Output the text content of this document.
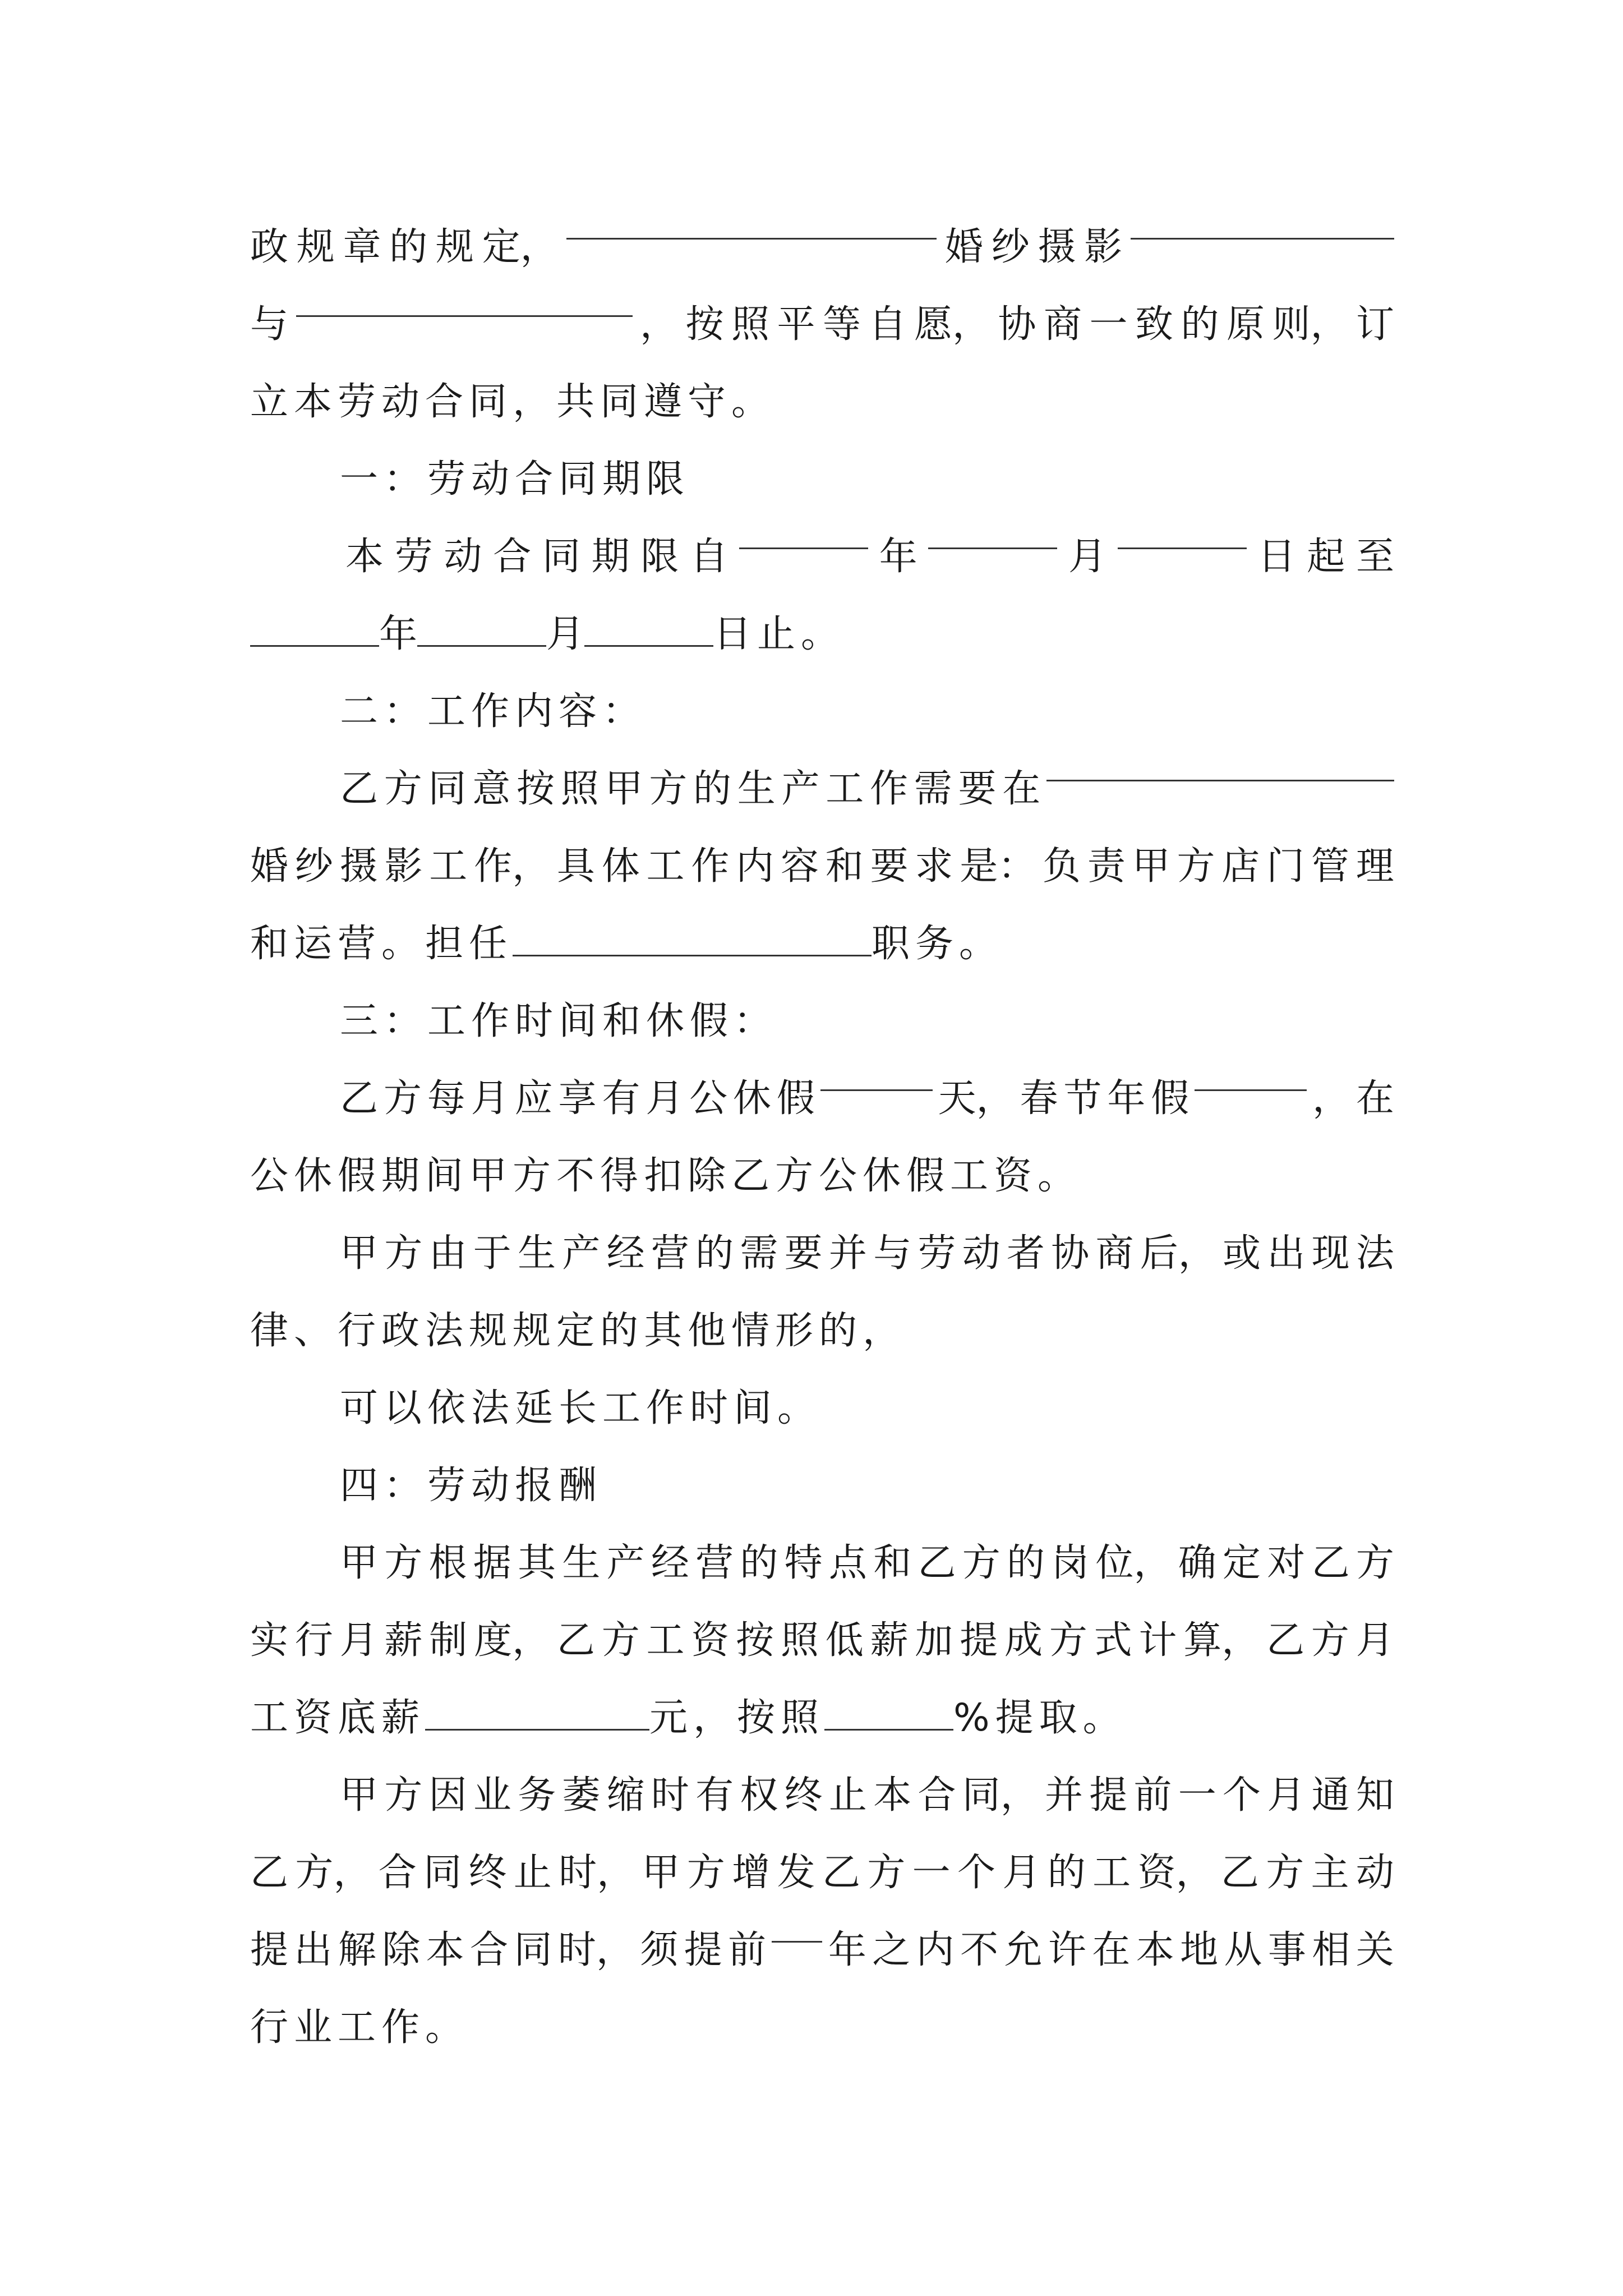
政 规 章 的 规 定，	婚 纱 摄 影
与	， 按 照 平 等 自 愿， 协 商 一 致 的 原 则， 订
立本劳动合同，共同遵守。
一：劳动合同期限
本 劳 动 合 同 期 限 自	年	月	日 起 至
年	月	日止。
二：工作内容：
乙 方 同 意 按 照 甲 方 的 生 产 工 作 需 要 在
婚 纱 摄 影 工 作， 具 体 工 作 内 容 和 要 求 是： 负 责 甲 方 店 门 管 理
和运营。担任	职务。
三：工作时间和休假：
乙 方 每 月 应 享 有 月 公 休 假	天， 春 节 年 假	， 在
公休假期间甲方不得扣除乙方公休假工资。
甲 方 由 于 生 产 经 营 的 需 要 并 与 劳 动 者 协 商 后， 或 出 现 法
律、行政法规规定的其他情形的，
可以依法延长工作时间。
四：劳动报酬
甲 方 根 据 其 生 产 经 营 的 特 点 和 乙 方 的 岗 位， 确 定 对 乙 方
实 行 月 薪 制 度， 乙 方 工 资 按 照 低 薪 加 提 成 方 式 计 算， 乙 方 月
工资底薪	元，按照	%提取。
甲 方 因 业 务 萎 缩 时 有 权 终 止 本 合 同， 并 提 前 一 个 月 通 知
乙 方， 合 同 终 止 时， 甲 方 增 发 乙 方 一 个 月 的 工 资， 乙 方 主 动
提 出 解 除 本 合 同 时， 须 提 前 年 之 内 不 允 许 在 本 地 从 事 相 关
行业工作。
